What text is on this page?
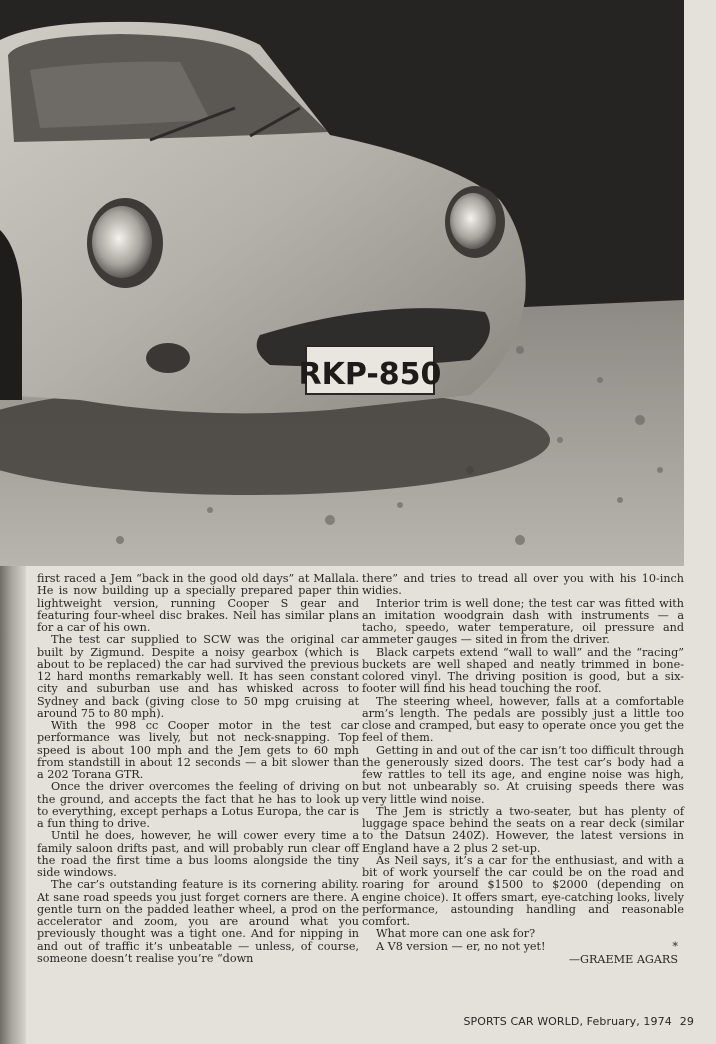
RKP-850

first raced a Jem “back in the good old days” at Mallala. He is now building up a specially prepared paper thin lightweight version, running Cooper S gear and featuring four-wheel disc brakes. Neil has similar plans for a car of his own.

The test car supplied to SCW was the original car built by Zigmund. Despite a noisy gearbox (which is about to be replaced) the car had survived the previous 12 hard months remarkably well. It has seen constant city and suburban use and has whisked across to Sydney and back (giving close to 50 mpg cruising at around 75 to 80 mph).

With the 998 cc Cooper motor in the test car performance was lively, but not neck-snapping. Top speed is about 100 mph and the Jem gets to 60 mph from standstill in about 12 seconds — a bit slower than a 202 Torana GTR.

Once the driver overcomes the feeling of driving on the ground, and accepts the fact that he has to look up to everything, except perhaps a Lotus Europa, the car is a fun thing to drive.

Until he does, however, he will cower every time a family saloon drifts past, and will probably run clear off the road the first time a bus looms alongside the tiny side windows.

The car’s outstanding feature is its cornering ability. At sane road speeds you just forget corners are there. A gentle turn on the padded leather wheel, a prod on the accelerator and zoom, you are around what you previously thought was a tight one. And for nipping in and out of traffic it’s unbeatable — unless, of course, someone doesn’t realise you’re “down

there” and tries to tread all over you with his 10-inch widies.

Interior trim is well done; the test car was fitted with an imitation woodgrain dash with instruments — a tacho, speedo, water temperature, oil pressure and ammeter gauges — sited in from the driver.

Black carpets extend “wall to wall” and the “racing” buckets are well shaped and neatly trimmed in bone-colored vinyl. The driving position is good, but a six-footer will find his head touching the roof.

The steering wheel, however, falls at a comfortable arm’s length. The pedals are possibly just a little too close and cramped, but easy to operate once you get the feel of them.

Getting in and out of the car isn’t too difficult through the generously sized doors. The test car’s body had a few rattles to tell its age, and engine noise was high, but not unbearably so. At cruising speeds there was very little wind noise.

The Jem is strictly a two-seater, but has plenty of luggage space behind the seats on a rear deck (similar to the Datsun 240Z). However, the latest versions in England have a 2 plus 2 set-up.

As Neil says, it’s a car for the enthusiast, and with a bit of work yourself the car could be on the road and roaring for around $1500 to $2000 (depending on engine choice). It offers smart, eye-catching looks, lively performance, astounding handling and reasonable comfort.

What more can one ask for?

A V8 version — er, no not yet!	*

—GRAEME AGARS
SPORTS CAR WORLD, February, 1974 29
